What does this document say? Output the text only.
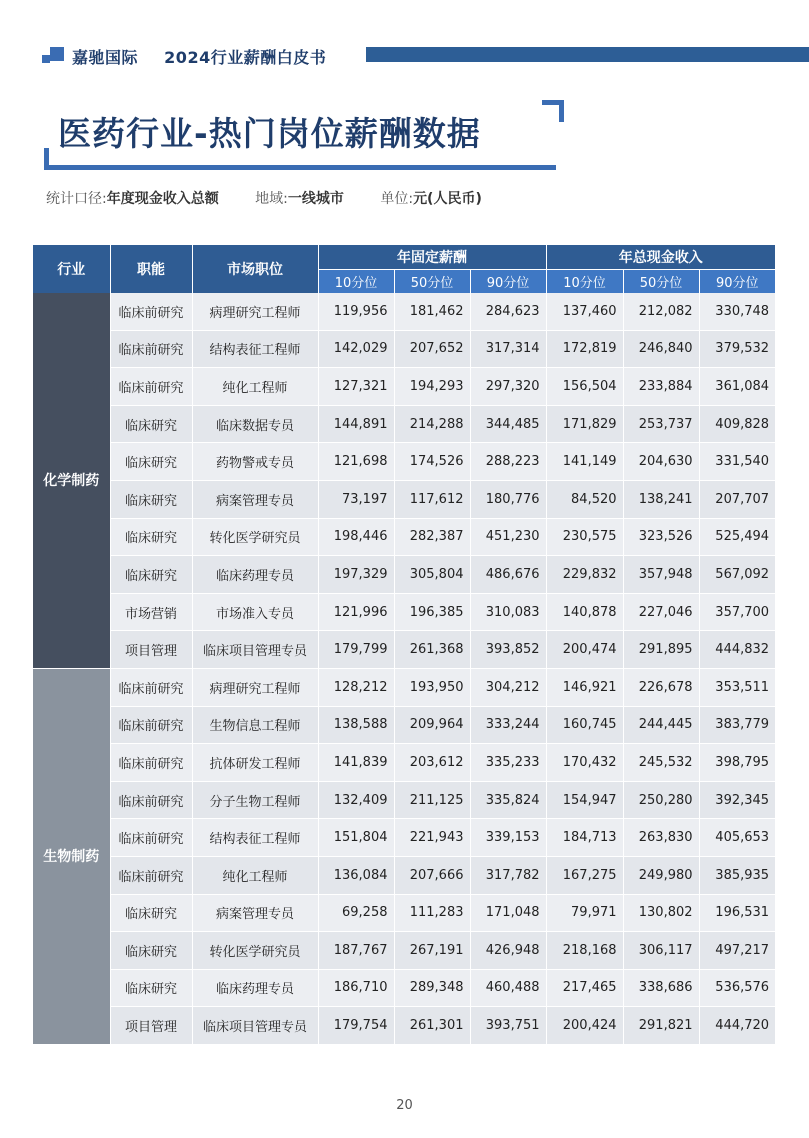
嘉驰国际 2024行业薪酬白皮书
医药行业-热门岗位薪酬数据
统计口径:年度现金收入总额	地域:一线城市	单位:元(人民币)
行业	职能	市场职位	年固定薪酬			年总现金收入		
			10分位	50分位	90分位	10分位	50分位	90分位
化学制药	临床前研究	病理研究工程师	119,956	181,462	284,623	137,460	212,082	330,748
	临床前研究	结构表征工程师	142,029	207,652	317,314	172,819	246,840	379,532
	临床前研究	纯化工程师	127,321	194,293	297,320	156,504	233,884	361,084
	临床研究	临床数据专员	144,891	214,288	344,485	171,829	253,737	409,828
	临床研究	药物警戒专员	121,698	174,526	288,223	141,149	204,630	331,540
	临床研究	病案管理专员	73,197	117,612	180,776	84,520	138,241	207,707
	临床研究	转化医学研究员	198,446	282,387	451,230	230,575	323,526	525,494
	临床研究	临床药理专员	197,329	305,804	486,676	229,832	357,948	567,092
	市场营销	市场准入专员	121,996	196,385	310,083	140,878	227,046	357,700
	项目管理	临床项目管理专员	179,799	261,368	393,852	200,474	291,895	444,832
生物制药	临床前研究	病理研究工程师	128,212	193,950	304,212	146,921	226,678	353,511
	临床前研究	生物信息工程师	138,588	209,964	333,244	160,745	244,445	383,779
	临床前研究	抗体研发工程师	141,839	203,612	335,233	170,432	245,532	398,795
	临床前研究	分子生物工程师	132,409	211,125	335,824	154,947	250,280	392,345
	临床前研究	结构表征工程师	151,804	221,943	339,153	184,713	263,830	405,653
	临床前研究	纯化工程师	136,084	207,666	317,782	167,275	249,980	385,935
	临床研究	病案管理专员	69,258	111,283	171,048	79,971	130,802	196,531
	临床研究	转化医学研究员	187,767	267,191	426,948	218,168	306,117	497,217
	临床研究	临床药理专员	186,710	289,348	460,488	217,465	338,686	536,576
	项目管理	临床项目管理专员	179,754	261,301	393,751	200,424	291,821	444,720
20
